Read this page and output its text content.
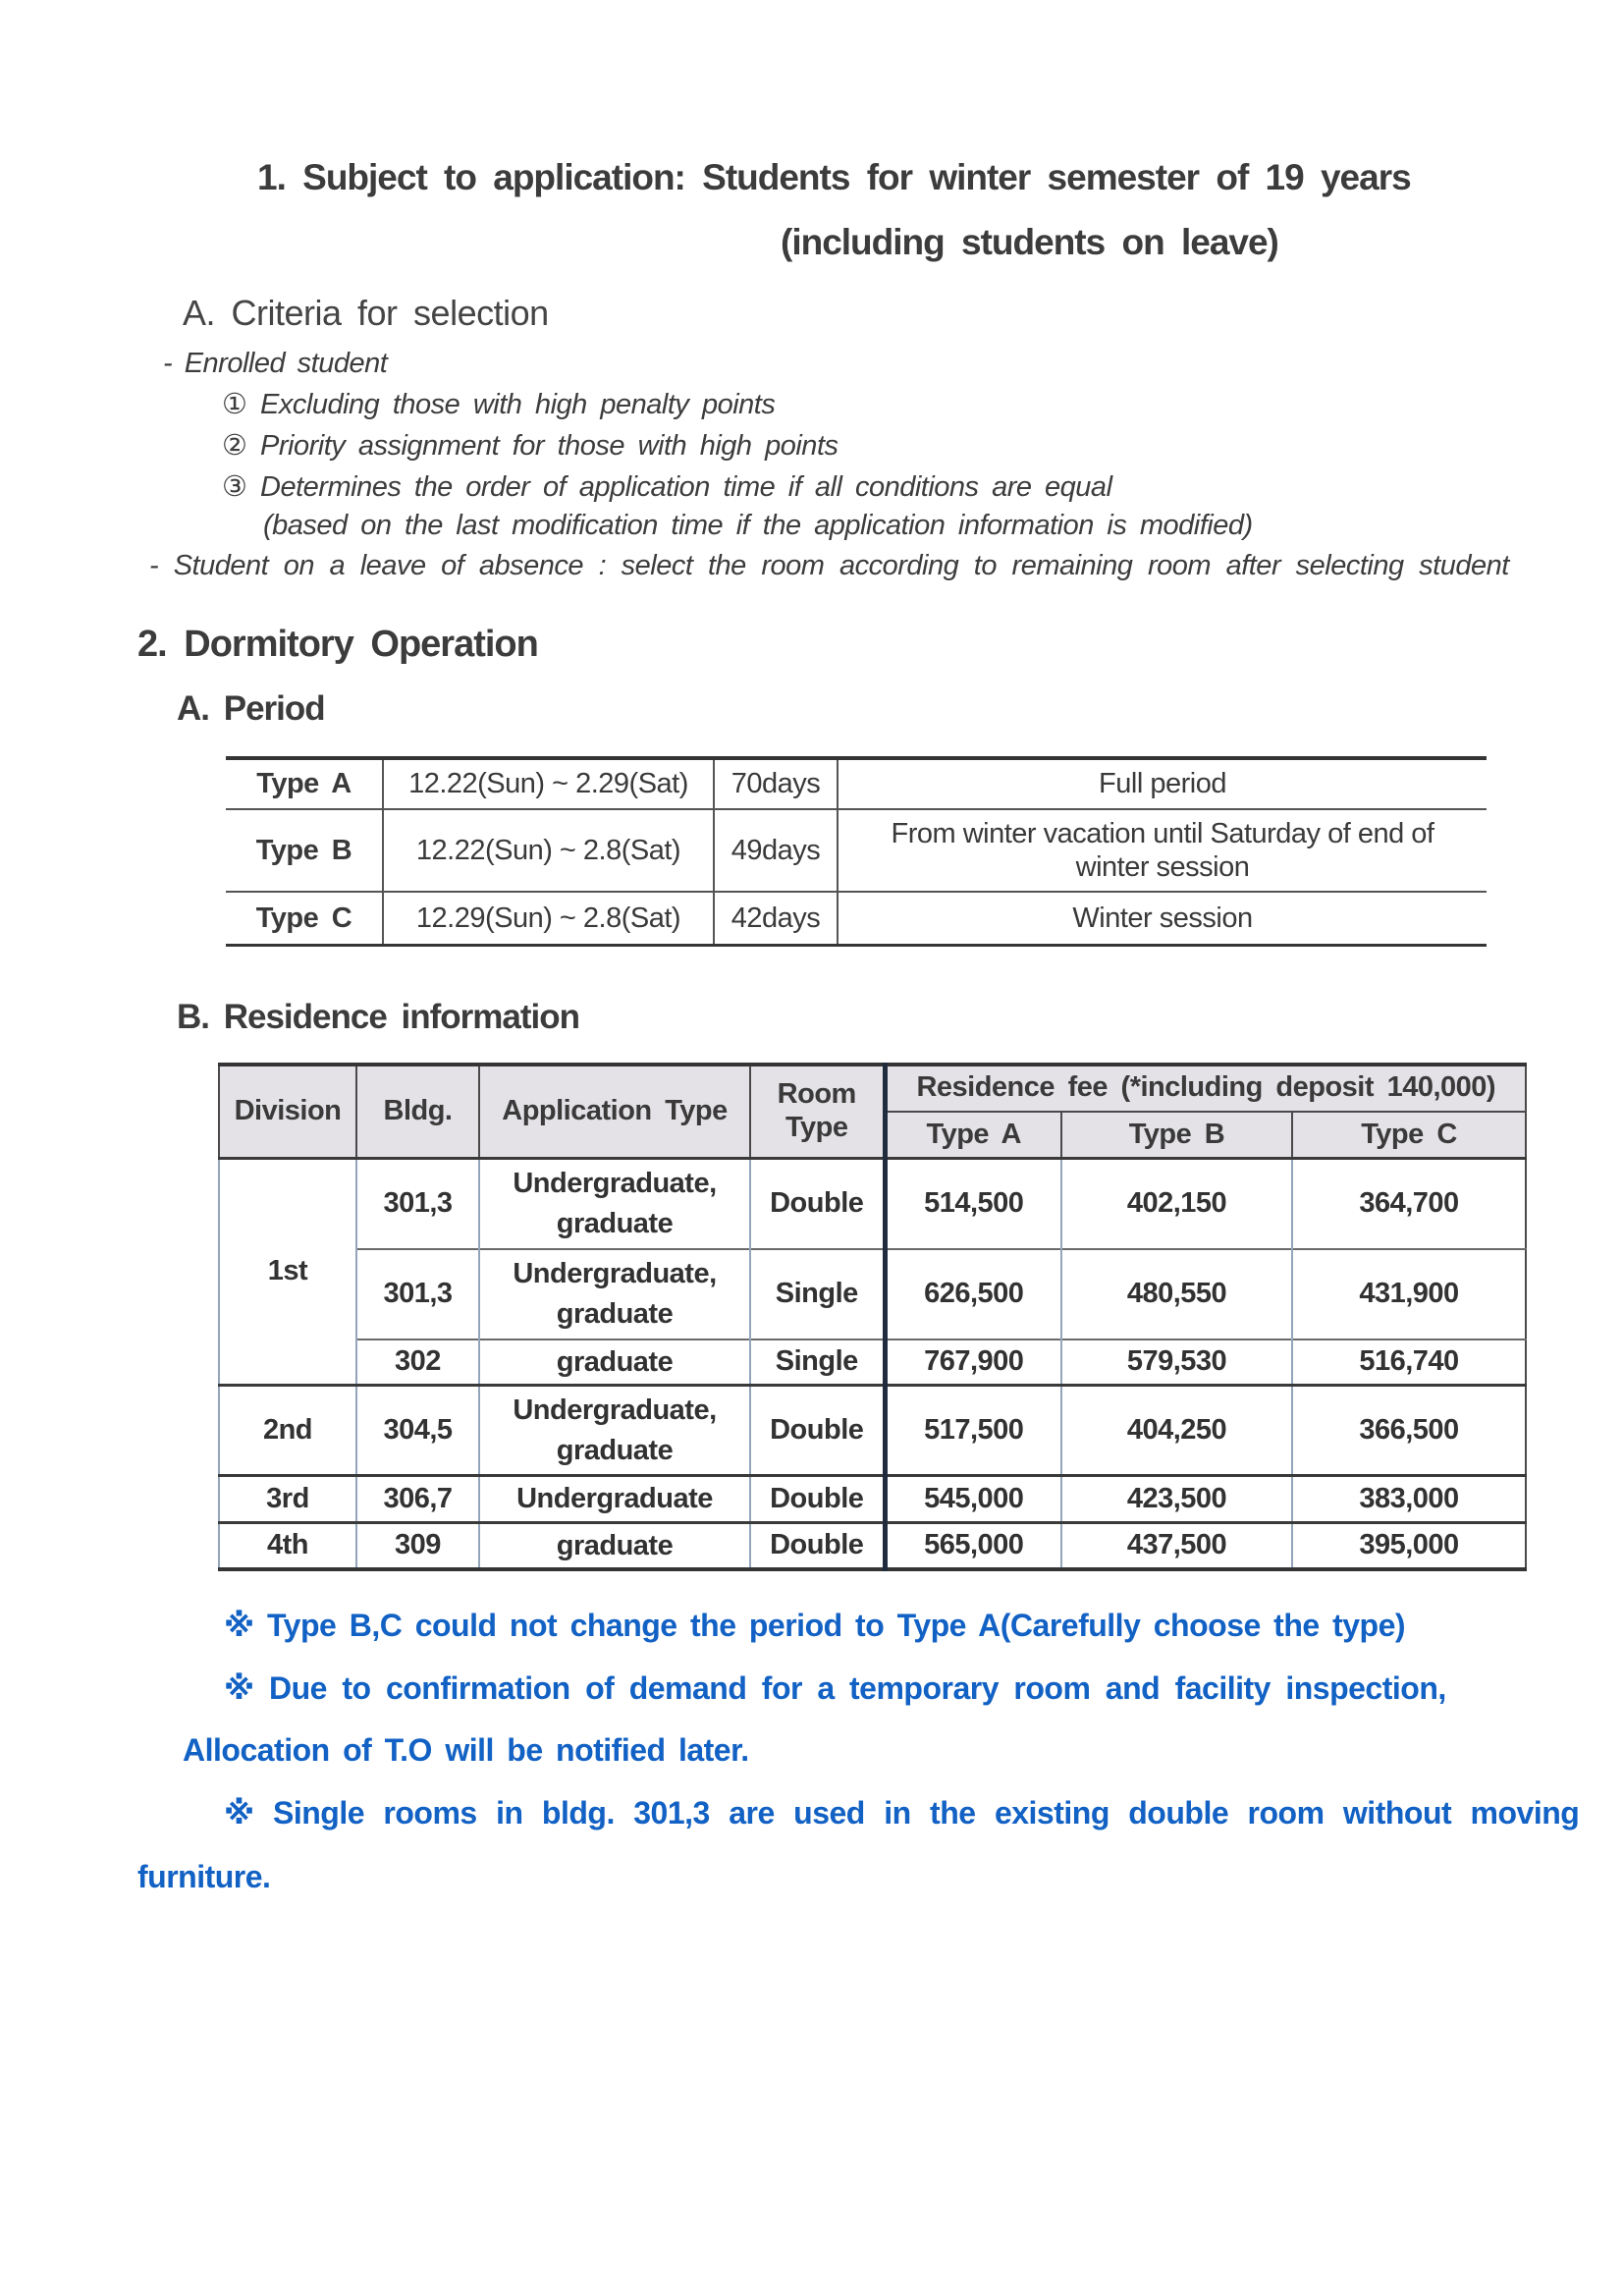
1. Subject to application: Students for winter semester of 19 years
(including students on leave)
A. Criteria for selection
- Enrolled student
① Excluding those with high penalty points
② Priority assignment for those with high points
③ Determines the order of application time if all conditions are equal
(based on the last modification time if the application information is modified)
- Student on a leave of absence : select the room according to remaining room after selecting student
2. Dormitory Operation
A. Period
Type A	12.22(Sun) ~ 2.29(Sat)	70days	Full period
Type B	12.22(Sun) ~ 2.8(Sat)	49days	From winter vacation until Saturday of end of winter session
Type C	12.29(Sun) ~ 2.8(Sat)	42days	Winter session
B. Residence information
Division	Bldg.	Application Type	Room Type	Residence fee (*including deposit 140,000)		
				Type A	Type B	Type C
1st	301,3	Undergraduate, graduate	Double	514,500	402,150	364,700
	301,3	Undergraduate, graduate	Single	626,500	480,550	431,900
	302	graduate	Single	767,900	579,530	516,740
2nd	304,5	Undergraduate, graduate	Double	517,500	404,250	366,500
3rd	306,7	Undergraduate	Double	545,000	423,500	383,000
4th	309	graduate	Double	565,000	437,500	395,000
※ Type B,C could not change the period to Type A(Carefully choose the type)
※ Due to confirmation of demand for a temporary room and facility inspection,
Allocation of T.O will be notified later.
※ Single rooms in bldg. 301,3 are used in the existing double room without moving
furniture.
